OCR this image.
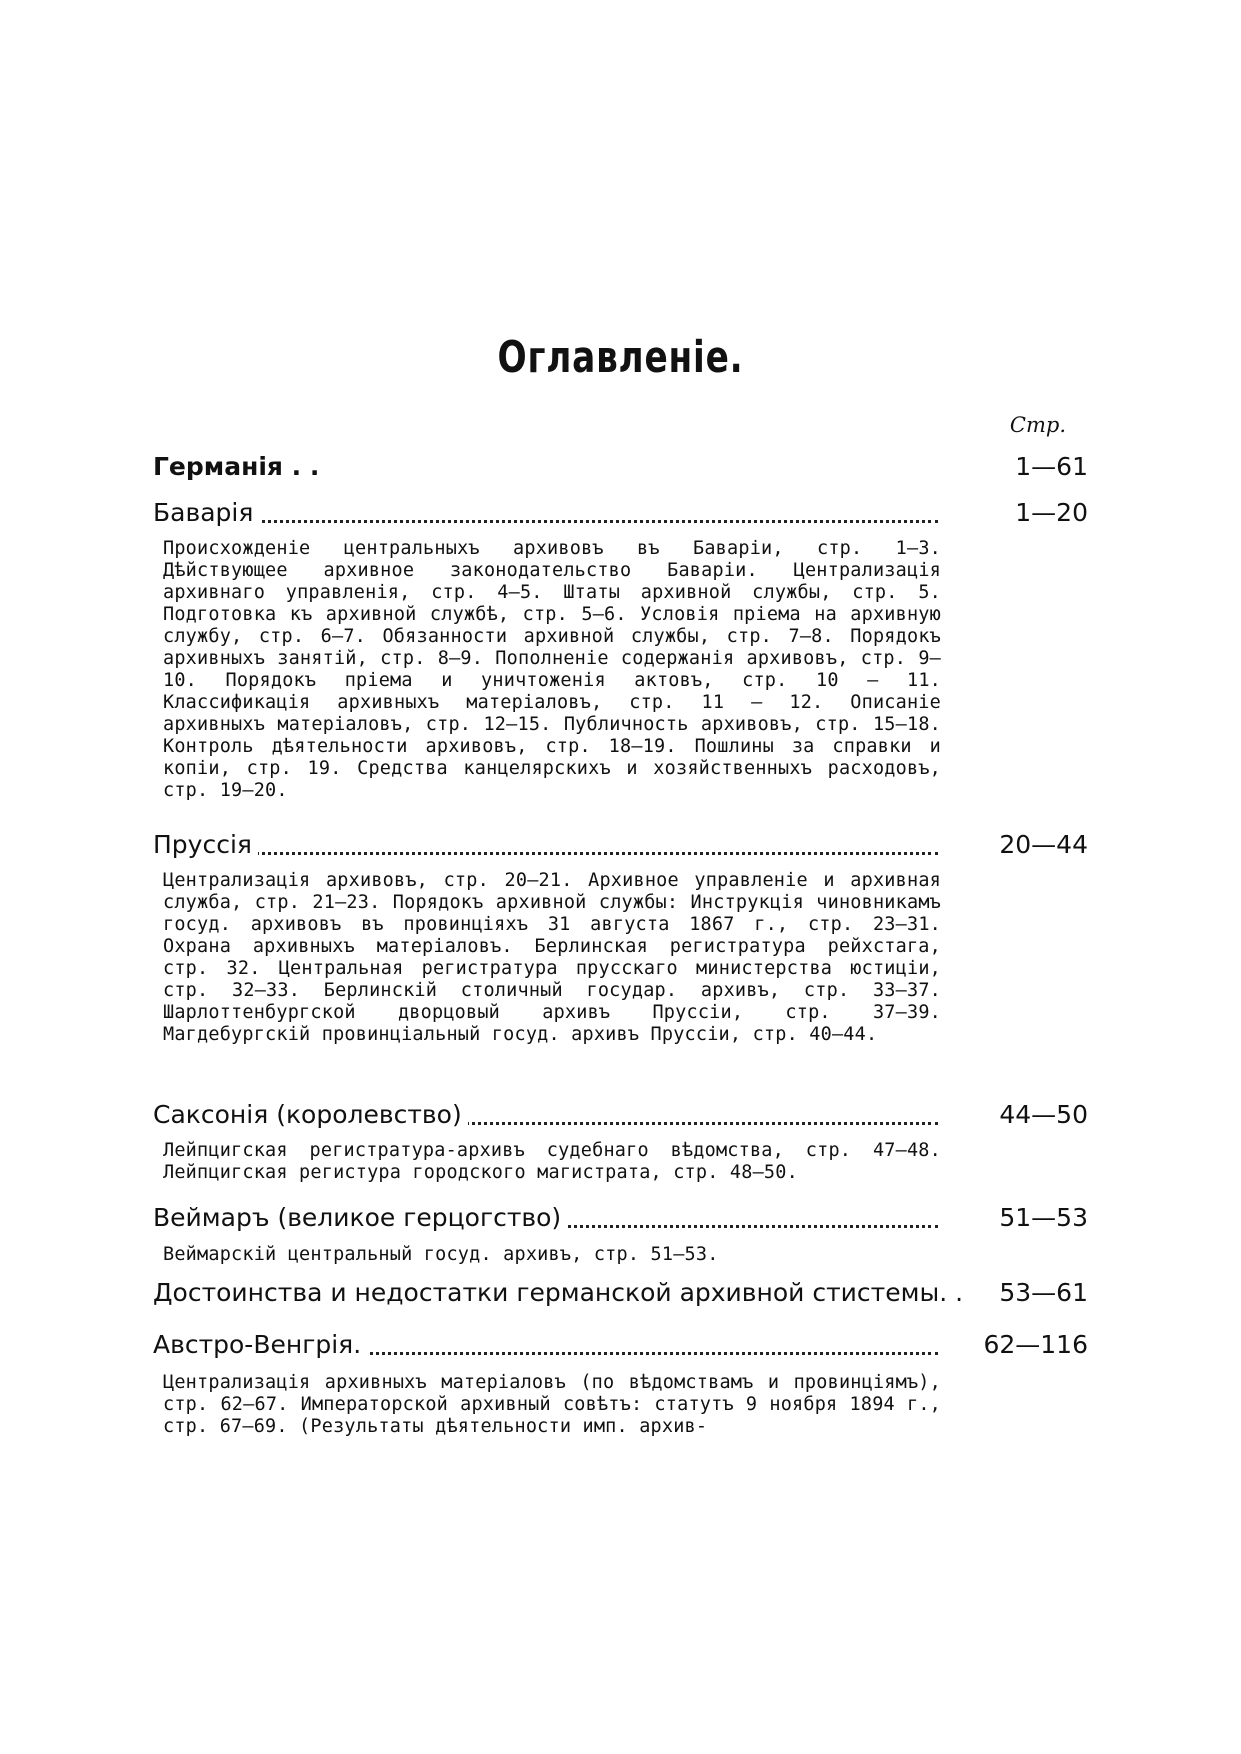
Оглавленіе.
Стр.
Германія . .	1—61
Баварія	1—20
Происхожденіе центральныхъ архивовъ въ Баваріи, стр. 1—3. Дѣйствующее архивное законодательство Баваріи. Централизація архивнаго управленія, стр. 4—5. Штаты архивной службы, стр. 5. Подготовка къ архивной службѣ, стр. 5—6. Условія пріема на архивную службу, стр. 6—7. Обязанности архивной службы, стр. 7—8. Порядокъ архивныхъ занятій, стр. 8—9. Пополненіе содержанія архивовъ, стр. 9—10. Порядокъ пріема и уничтоженія актовъ, стр. 10 — 11. Классификація архивныхъ матеріаловъ, стр. 11 — 12. Описаніе архивныхъ матеріаловъ, стр. 12—15. Публичность архивовъ, стр. 15—18. Контроль дѣятельности архивовъ, стр. 18—19. Пошлины за справки и копіи, стр. 19. Средства канцелярскихъ и хозяйственныхъ расходовъ, стр. 19—20.
Пруссія	20—44
Централизація архивовъ, стр. 20—21. Архивное управленіе и архивная служба, стр. 21—23. Порядокъ архивной службы: Инструкція чиновникамъ госуд. архивовъ въ провинціяхъ 31 августа 1867 г., стр. 23—31. Охрана архивныхъ матеріаловъ. Берлинская регистратура рейхстага, стр. 32. Центральная регистратура прусскаго министерства юстиціи, стр. 32—33. Берлинскій столичный государ. архивъ, стр. 33—37. Шарлоттенбургской дворцовый архивъ Пруссіи, стр. 37—39. Магдебургскій провинціальный госуд. архивъ Пруссіи, стр. 40—44.
Саксонія (королевство)	44—50
Лейпцигская регистратура-архивъ судебнаго вѣдомства, стр. 47—48. Лейпцигская регистура городского магистрата, стр. 48—50.
Веймаръ (великое герцогство)	51—53
Веймарскій центральный госуд. архивъ, стр. 51—53.
Достоинства и недостатки германской архивной стистемы. . 53—61
Австро-Венгрія.	62—116
Централизація архивныхъ матеріаловъ (по вѣдомствамъ и провинціямъ), стр. 62—67. Императорской архивный совѣтъ: статутъ 9 ноября 1894 г., стр. 67—69. (Результаты дѣятельности имп. архив-
